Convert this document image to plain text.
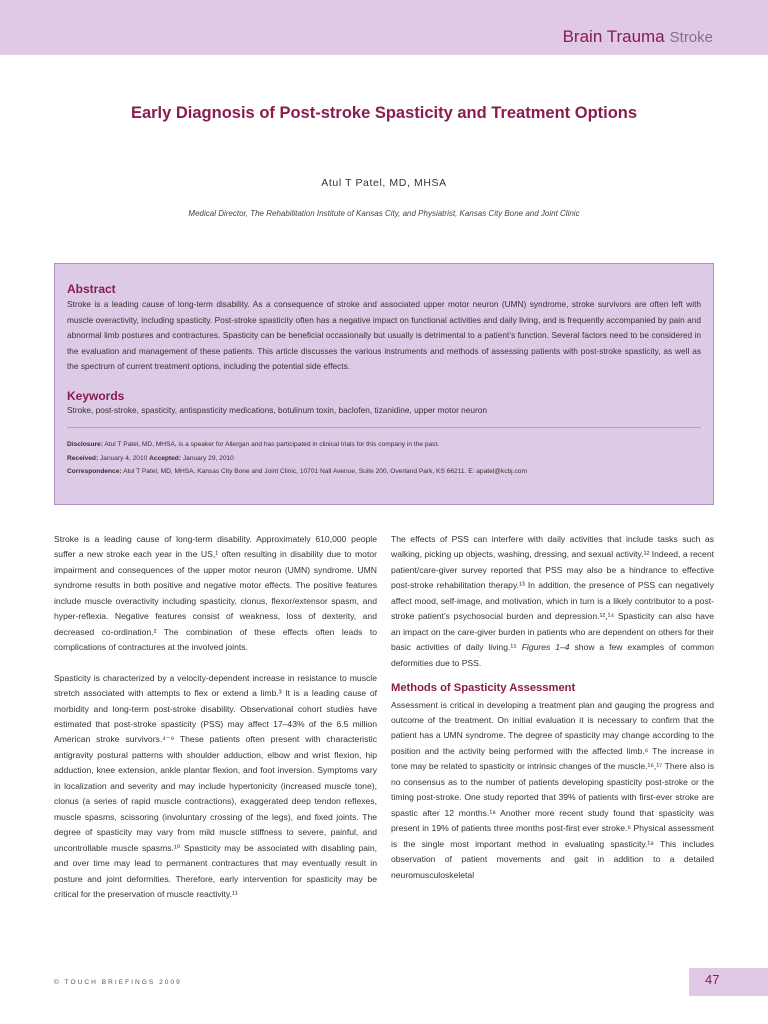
Brain Trauma Stroke
Early Diagnosis of Post-stroke Spasticity and Treatment Options
Atul T Patel, MD, MHSA
Medical Director, The Rehabilitation Institute of Kansas City, and Physiatrist, Kansas City Bone and Joint Clinic
Abstract

Stroke is a leading cause of long-term disability. As a consequence of stroke and associated upper motor neuron (UMN) syndrome, stroke survivors are often left with muscle overactivity, including spasticity. Post-stroke spasticity often has a negative impact on functional activities and daily living, and is frequently accompanied by pain and abnormal limb postures and contractures. Spasticity can be beneficial occasionally but usually is detrimental to a patient’s function. Several factors need to be considered in the evaluation and management of these patients. This article discusses the various instruments and methods of assessing patients with post-stroke spasticity, as well as the spectrum of current treatment options, including the potential side effects.

Keywords
Stroke, post-stroke, spasticity, antispasticity medications, botulinum toxin, baclofen, tizanidine, upper motor neuron
Disclosure: Atul T Patel, MD, MHSA, is a speaker for Allergan and has participated in clinical trials for this company in the past.
Received: January 4, 2010 Accepted: January 29, 2010
Correspondence: Atul T Patel, MD, MHSA, Kansas City Bone and Joint Clinic, 10701 Nall Avenue, Suite 200, Overland Park, KS 66211. E: apatel@kcbj.com

Stroke is a leading cause of long-term disability. Approximately 610,000 people suffer a new stroke each year in the US,¹ often resulting in disability due to motor impairment and consequences of the upper motor neuron (UMN) syndrome. UMN syndrome results in both positive and negative motor effects. The positive features include muscle overactivity including spasticity, clonus, flexor/extensor spasm, and hyper-reflexia. Negative features consist of weakness, loss of dexterity, and decreased co-ordination.² The combination of these effects often leads to complications of contractures at the involved joints.

Spasticity is characterized by a velocity-dependent increase in resistance to muscle stretch associated with attempts to flex or extend a limb.³ It is a leading cause of morbidity and long-term post-stroke disability. Observational cohort studies have estimated that post-stroke spasticity (PSS) may affect 17–43% of the 6.5 million American stroke survivors.⁴⁻⁹ These patients often present with characteristic antigravity postural patterns with shoulder adduction, elbow and wrist flexion, hip adduction, knee extension, ankle plantar flexion, and foot inversion. Symptoms vary in localization and severity and may include hypertonicity (increased muscle tone), clonus (a series of rapid muscle contractions), exaggerated deep tendon reflexes, muscle spasms, scissoring (involuntary crossing of the legs), and fixed joints. The degree of spasticity may vary from mild muscle stiffness to severe, painful, and uncontrollable muscle spasms.¹⁰ Spasticity may be associated with disabling pain, and over time may lead to permanent contractures that may eventually result in posture and joint deformities. Therefore, early intervention for spasticity may be critical for the preservation of muscle reactivity.¹¹

The effects of PSS can interfere with daily activities that include tasks such as walking, picking up objects, washing, dressing, and sexual activity.¹² Indeed, a recent patient/care-giver survey reported that PSS may also be a hindrance to effective post-stroke rehabilitation therapy.¹³ In addition, the presence of PSS can negatively affect mood, self-image, and motivation, which in turn is a likely contributor to a post-stroke patient’s psychosocial burden and depression.¹²,¹⁴ Spasticity can also have an impact on the care-giver burden in patients who are dependent on others for their basic activities of daily living.¹⁵ Figures 1–4 show a few examples of common deformities due to PSS.

Methods of Spasticity Assessment

Assessment is critical in developing a treatment plan and gauging the progress and outcome of the treatment. On initial evaluation it is necessary to confirm that the patient has a UMN syndrome. The degree of spasticity may change according to the position and the activity being performed with the affected limb.⁶ The increase in tone may be related to spasticity or intrinsic changes of the muscle.¹⁶,¹⁷ There also is no consensus as to the number of patients developing spasticity post-stroke or the timing post-stroke. One study reported that 39% of patients with first-ever stroke are spastic after 12 months.¹⁸ Another more recent study found that spasticity was present in 19% of patients three months post-first ever stroke.⁶ Physical assessment is the single most important method in evaluating spasticity.¹⁹ This includes observation of patient movements and gait in addition to a detailed neuromusculoskeletal

© TOUCH BRIEFINGS 2009	47
